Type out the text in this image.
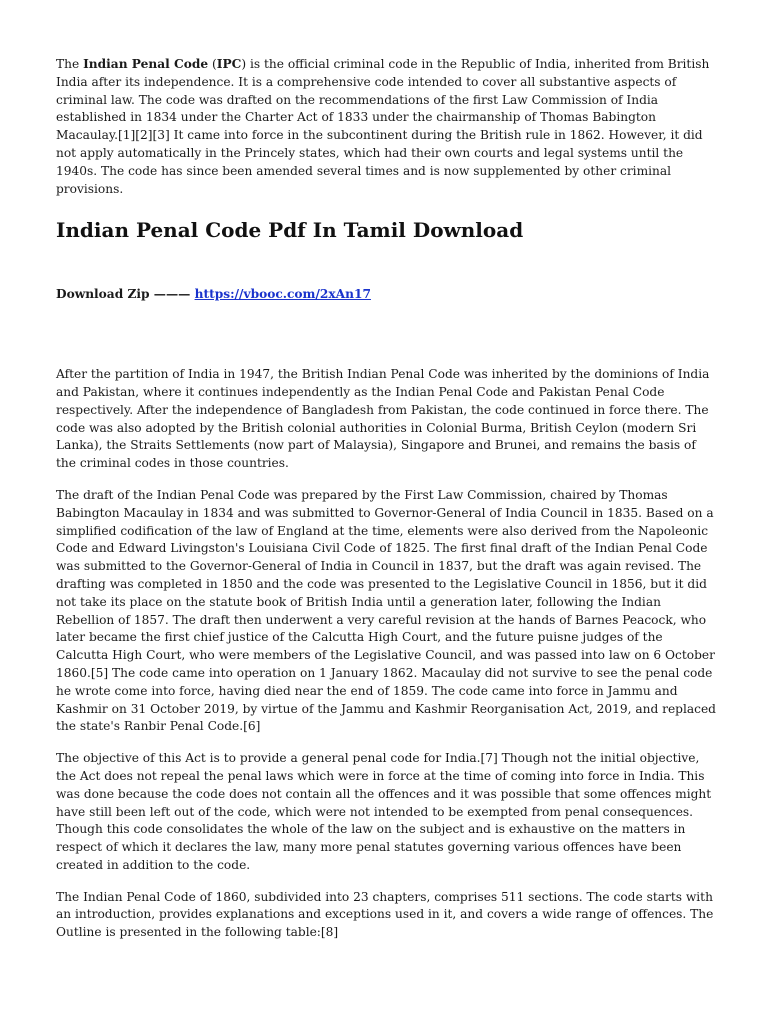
The Indian Penal Code (IPC) is the official criminal code in the Republic of India, inherited from British India after its independence. It is a comprehensive code intended to cover all substantive aspects of criminal law. The code was drafted on the recommendations of the first Law Commission of India established in 1834 under the Charter Act of 1833 under the chairmanship of Thomas Babington Macaulay.[1][2][3] It came into force in the subcontinent during the British rule in 1862. However, it did not apply automatically in the Princely states, which had their own courts and legal systems until the 1940s. The code has since been amended several times and is now supplemented by other criminal provisions.

Indian Penal Code Pdf In Tamil Download
Download Zip ——— https://vbooc.com/2xAn17

After the partition of India in 1947, the British Indian Penal Code was inherited by the dominions of India and Pakistan, where it continues independently as the Indian Penal Code and Pakistan Penal Code respectively. After the independence of Bangladesh from Pakistan, the code continued in force there. The code was also adopted by the British colonial authorities in Colonial Burma, British Ceylon (modern Sri Lanka), the Straits Settlements (now part of Malaysia), Singapore and Brunei, and remains the basis of the criminal codes in those countries.

The draft of the Indian Penal Code was prepared by the First Law Commission, chaired by Thomas Babington Macaulay in 1834 and was submitted to Governor-General of India Council in 1835. Based on a simplified codification of the law of England at the time, elements were also derived from the Napoleonic Code and Edward Livingston's Louisiana Civil Code of 1825. The first final draft of the Indian Penal Code was submitted to the Governor-General of India in Council in 1837, but the draft was again revised. The drafting was completed in 1850 and the code was presented to the Legislative Council in 1856, but it did not take its place on the statute book of British India until a generation later, following the Indian Rebellion of 1857. The draft then underwent a very careful revision at the hands of Barnes Peacock, who later became the first chief justice of the Calcutta High Court, and the future puisne judges of the Calcutta High Court, who were members of the Legislative Council, and was passed into law on 6 October 1860.[5] The code came into operation on 1 January 1862. Macaulay did not survive to see the penal code he wrote come into force, having died near the end of 1859. The code came into force in Jammu and Kashmir on 31 October 2019, by virtue of the Jammu and Kashmir Reorganisation Act, 2019, and replaced the state's Ranbir Penal Code.[6]

The objective of this Act is to provide a general penal code for India.[7] Though not the initial objective, the Act does not repeal the penal laws which were in force at the time of coming into force in India. This was done because the code does not contain all the offences and it was possible that some offences might have still been left out of the code, which were not intended to be exempted from penal consequences. Though this code consolidates the whole of the law on the subject and is exhaustive on the matters in respect of which it declares the law, many more penal statutes governing various offences have been created in addition to the code.

The Indian Penal Code of 1860, subdivided into 23 chapters, comprises 511 sections. The code starts with an introduction, provides explanations and exceptions used in it, and covers a wide range of offences. The Outline is presented in the following table:[8]
